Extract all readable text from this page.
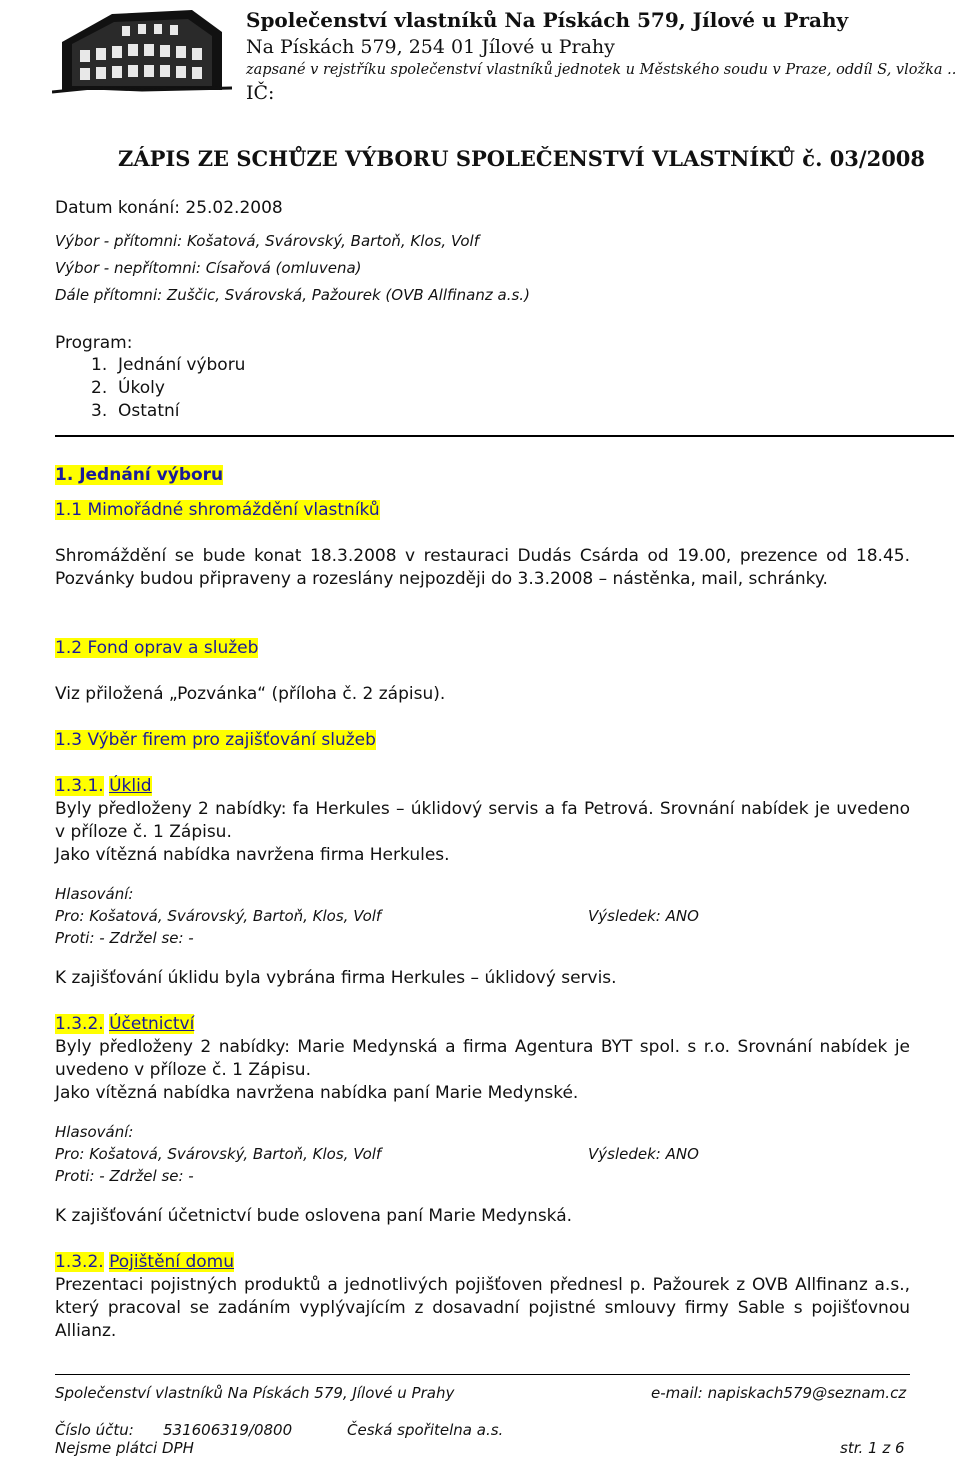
Společenství vlastníků Na Pískách 579, Jílové u Prahy
Na Pískách 579, 254 01 Jílové u Prahy
zapsané v rejstříku společenství vlastníků jednotek u Městského soudu v Praze, oddíl S, vložka ..
IČ:
ZÁPIS ZE SCHŮZE VÝBORU SPOLEČENSTVÍ VLASTNÍKŮ č. 03/2008

Datum konání: 25.02.2008

Výbor - přítomni: Košatová, Svárovský, Bartoň, Klos, Volf

Výbor - nepřítomni: Císařová (omluvena)

Dále přítomni: Zuščic, Svárovská, Pažourek (OVB Allfinanz a.s.)

Program:

1.  Jednání výboru

2.  Úkoly

3.  Ostatní

1. Jednání výboru

1.1 Mimořádné shromáždění vlastníků

Shromáždění se bude konat 18.3.2008 v restauraci Dudás Csárda od 19.00, prezence od 18.45. Pozvánky budou připraveny a rozeslány nejpozději do 3.3.2008 – nástěnka, mail, schránky.

1.2 Fond oprav a služeb

Viz přiložená „Pozvánka“ (příloha č. 2 zápisu).

1.3 Výběr firem pro zajišťování služeb

1.3.1. Úklid

Byly předloženy 2 nabídky: fa Herkules – úklidový servis a fa Petrová. Srovnání nabídek je uvedeno v příloze č. 1 Zápisu.

Jako vítězná nabídka navržena firma Herkules.

Hlasování:

Pro: Košatová, Svárovský, Bartoň, Klos, Volf	Výsledek: ANO

Proti: - Zdržel se: -

K zajišťování úklidu byla vybrána firma Herkules – úklidový servis.

1.3.2. Účetnictví

Byly předloženy 2 nabídky: Marie Medynská a firma Agentura BYT spol. s r.o. Srovnání nabídek je uvedeno v příloze č. 1 Zápisu.

Jako vítězná nabídka navržena nabídka paní Marie Medynské.

Hlasování:

Pro: Košatová, Svárovský, Bartoň, Klos, Volf	Výsledek: ANO

Proti: - Zdržel se: -

K zajišťování účetnictví bude oslovena paní Marie Medynská.

1.3.2. Pojištění domu

Prezentaci pojistných produktů a jednotlivých pojišťoven přednesl p. Pažourek z OVB Allfinanz a.s., který pracoval se zadáním vyplývajícím z dosavadní pojistné smlouvy firmy Sable s pojišťovnou Allianz.

Společenství vlastníků Na Pískách 579, Jílové u Prahy	e-mail: napiskach579@seznam.cz

Číslo účtu: 531606319/0800	Česká spořitelna a.s.

Nejsme plátci DPH	str. 1 z 6
